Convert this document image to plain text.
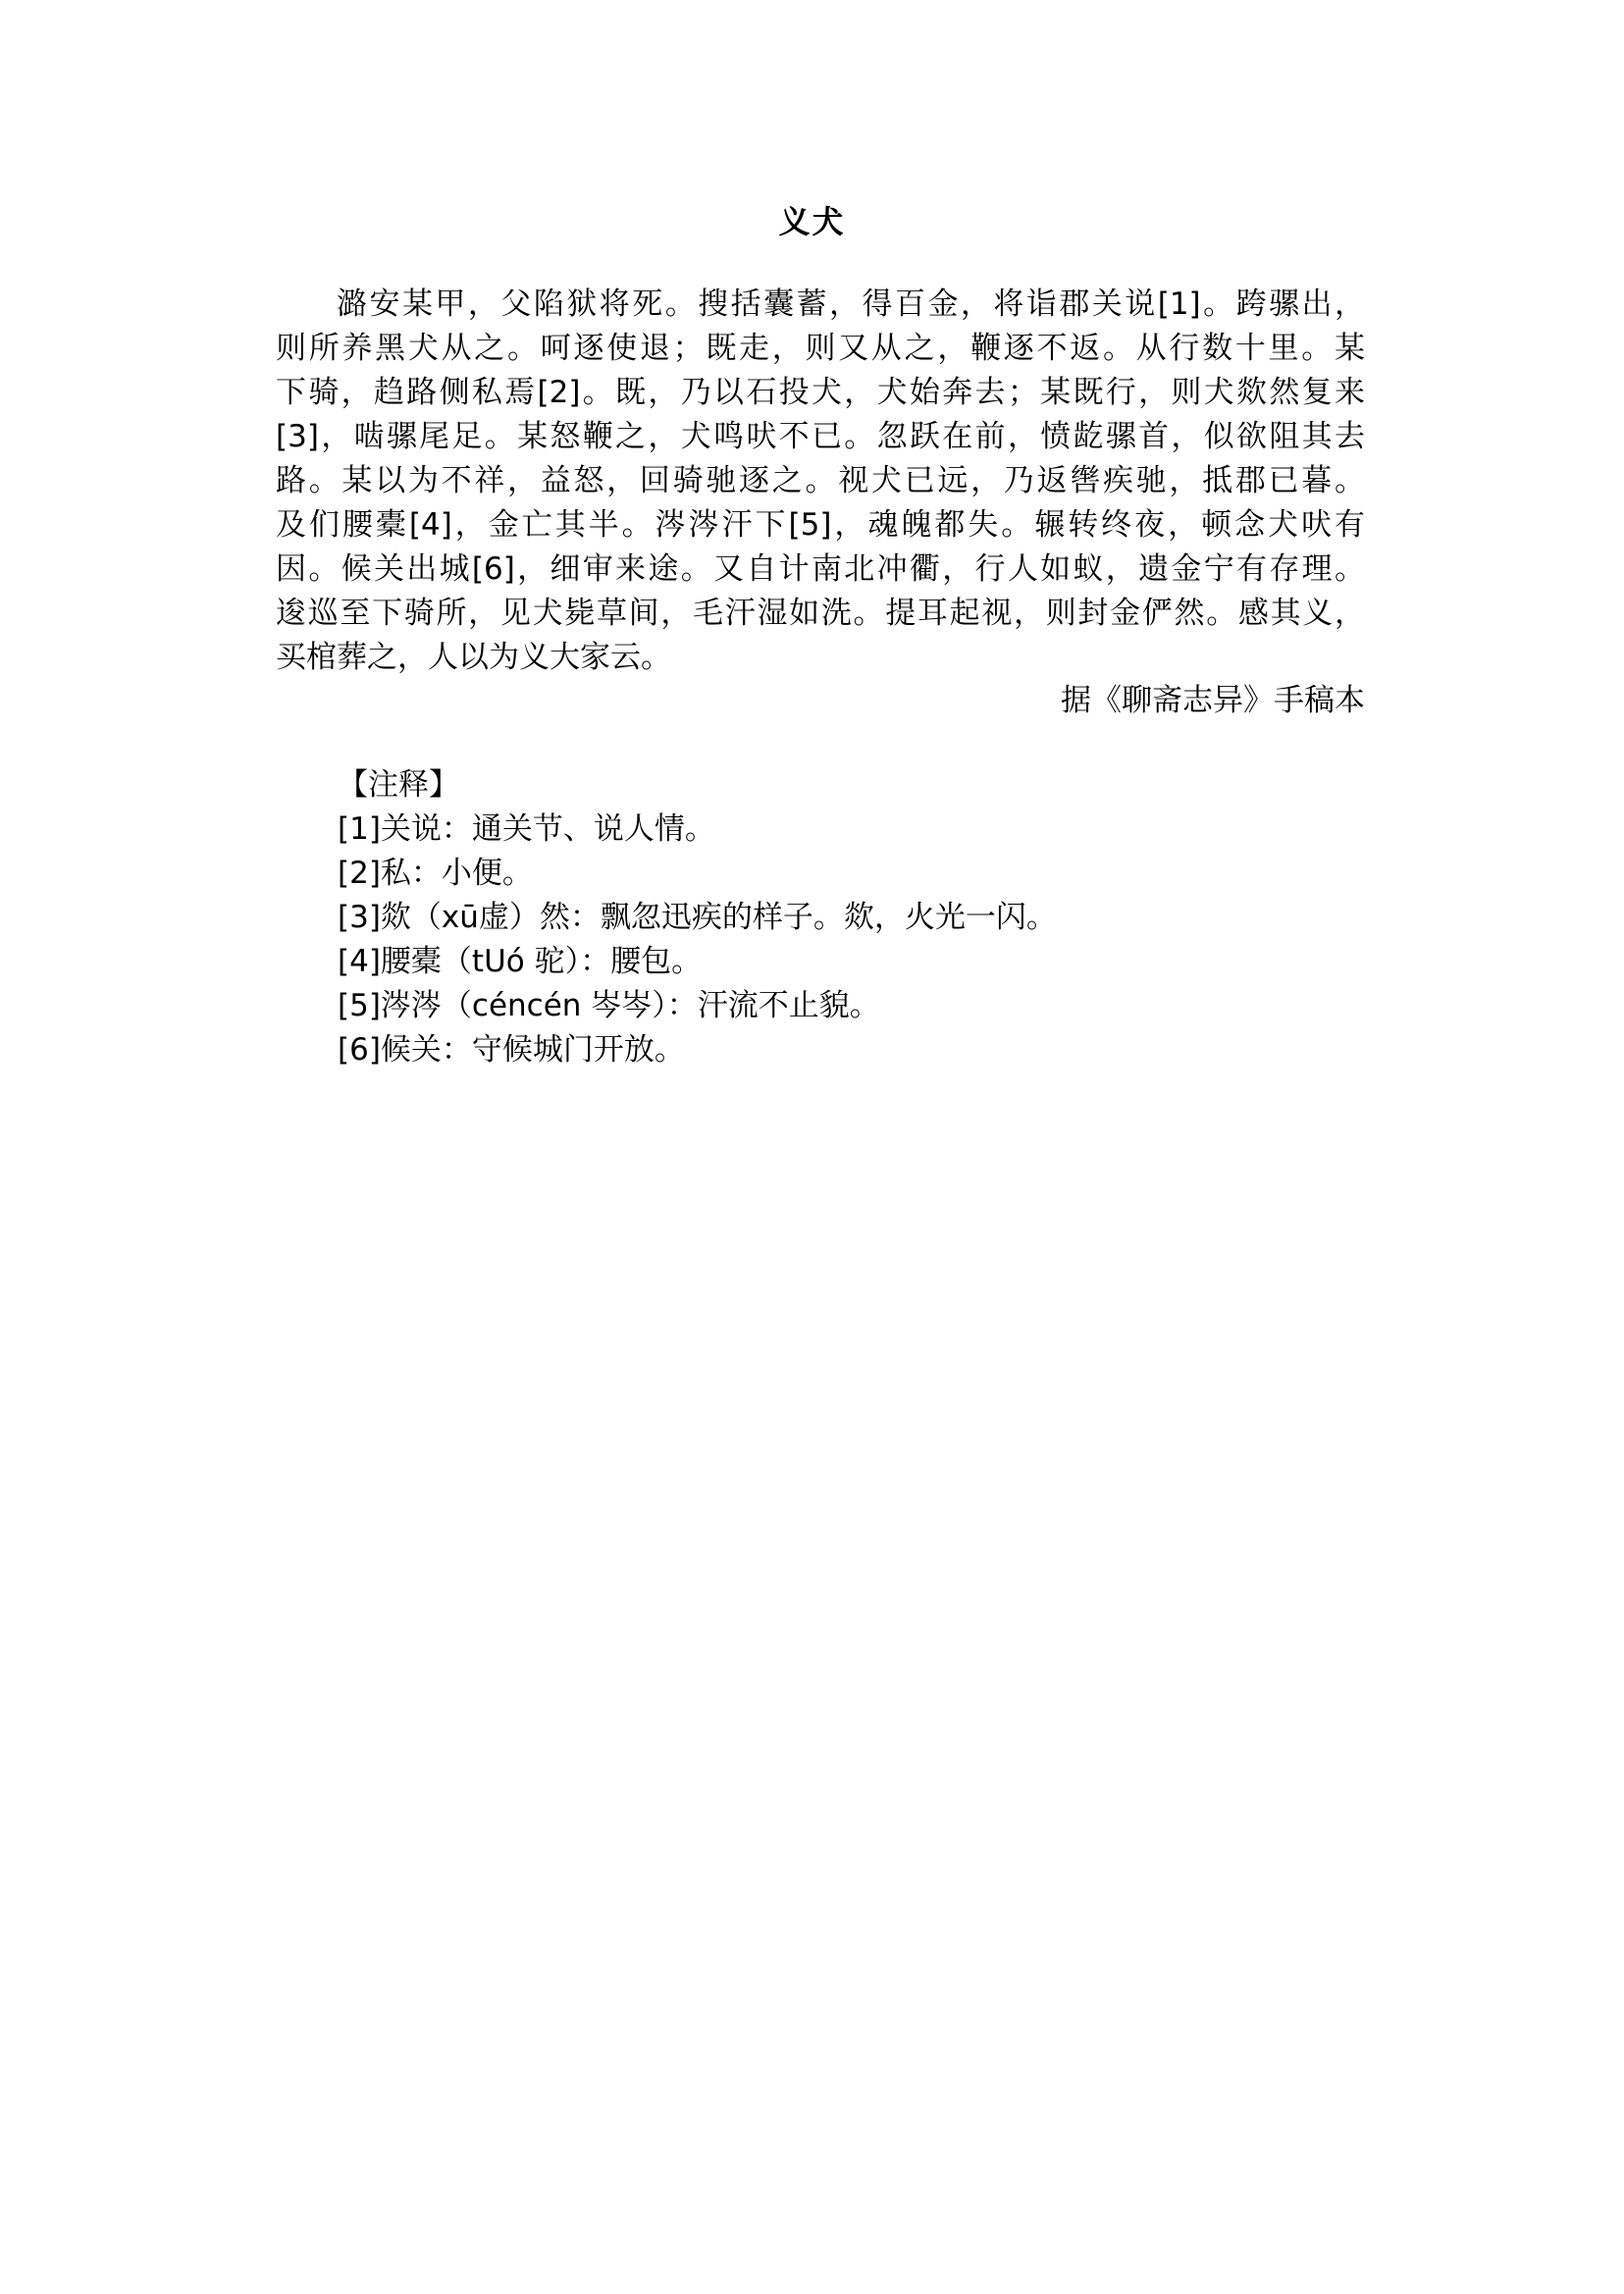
义犬
潞安某甲，父陷狱将死。搜括囊蓄，得百金，将诣郡关说[1]。跨骡出，
则所养黑犬从之。呵逐使退；既走，则又从之，鞭逐不返。从行数十里。某
下骑，趋路侧私焉[2]。既，乃以石投犬，犬始奔去；某既行，则犬欻然复来
[3]，啮骡尾足。某怒鞭之，犬鸣吠不已。忽跃在前，愤龁骡首，似欲阻其去
路。某以为不祥，益怒，回骑驰逐之。视犬已远，乃返辔疾驰，抵郡已暮。
及们腰橐[4]，金亡其半。涔涔汗下[5]，魂魄都失。辗转终夜，顿念犬吠有
因。候关出城[6]，细审来途。又自计南北冲衢，行人如蚁，遗金宁有存理。
逡巡至下骑所，见犬毙草间，毛汗湿如洗。提耳起视，则封金俨然。感其义，
买棺葬之，人以为义大家云。
据《聊斋志异》手稿本
【注释】
[1]关说：通关节、说人情。
[2]私：小便。
[3]欻（xū虚）然：飘忽迅疾的样子。欻，火光一闪。
[4]腰橐（tUó 驼）：腰包。
[5]涔涔（céncén 岑岑）：汗流不止貌。
[6]候关：守候城门开放。
